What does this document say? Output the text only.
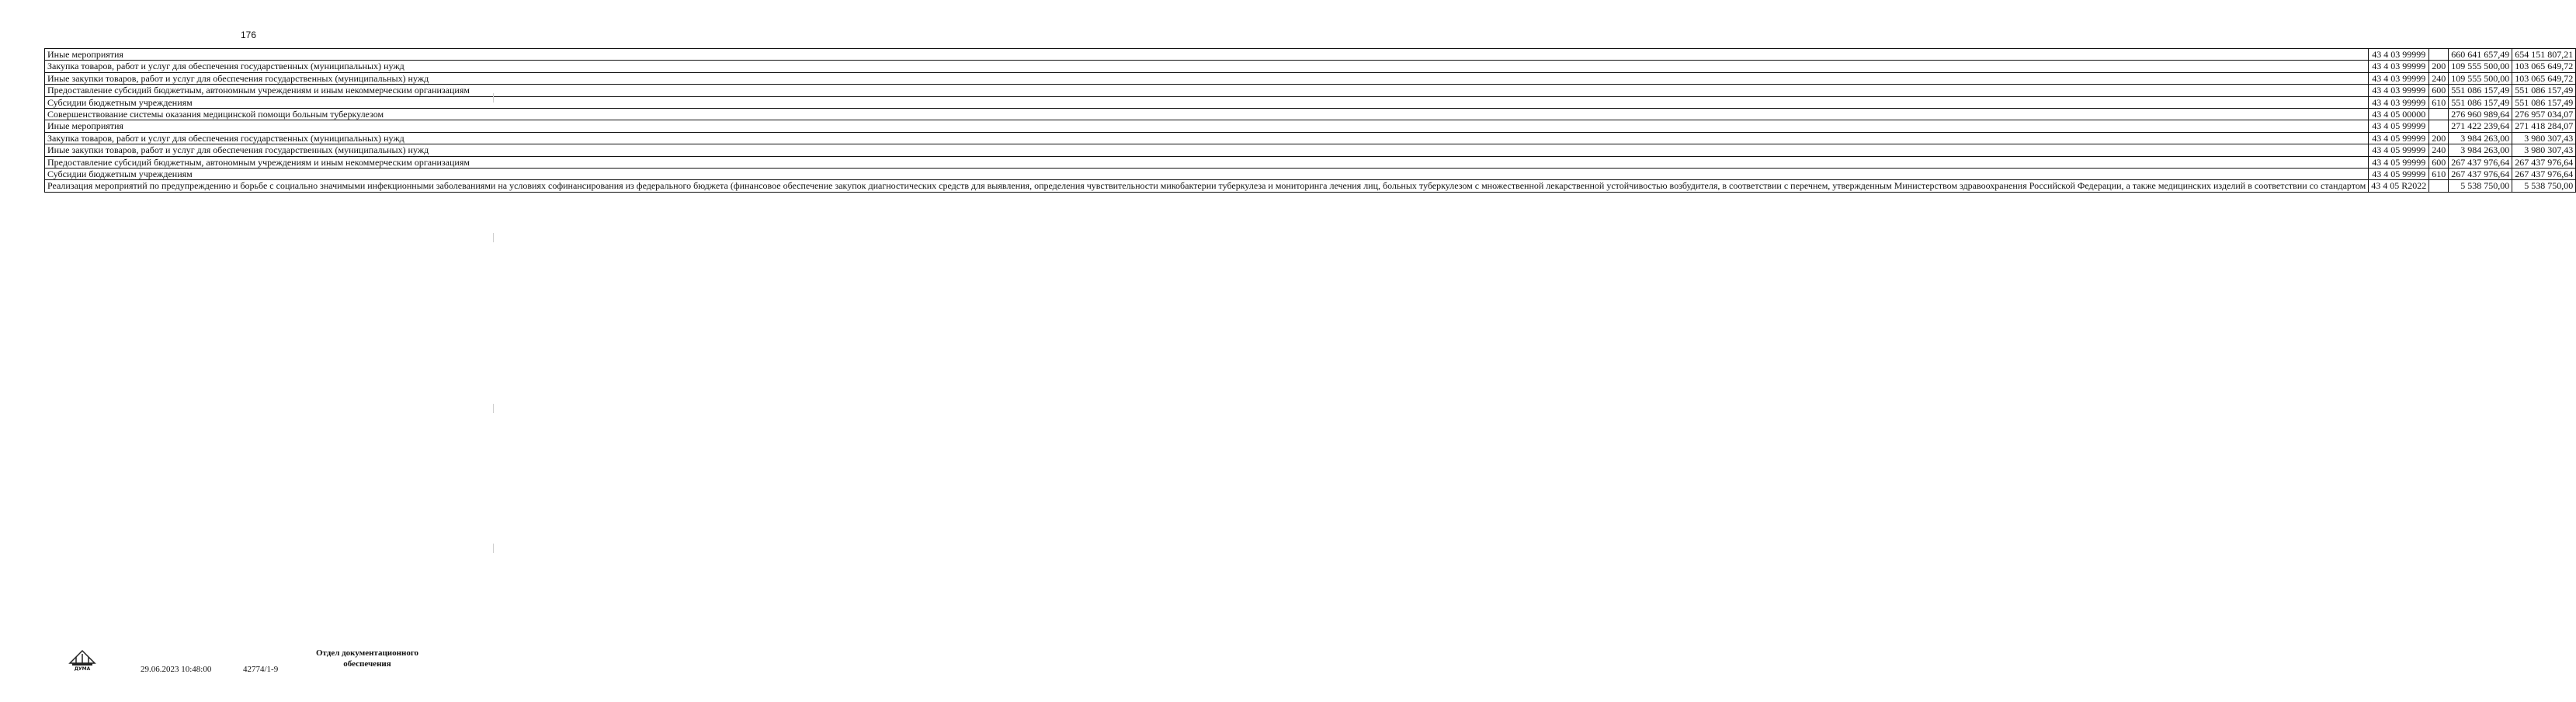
176
Иные мероприятия	43 4 03 99999		660 641 657,49	654 151 807,21
Закупка товаров, работ и услуг для обеспечения государственных (муниципальных) нужд	43 4 03 99999	200	109 555 500,00	103 065 649,72
Иные закупки товаров, работ и услуг для обеспечения государственных (муниципальных) нужд	43 4 03 99999	240	109 555 500,00	103 065 649,72
Предоставление субсидий бюджетным, автономным учреждениям и иным некоммерческим организациям	43 4 03 99999	600	551 086 157,49	551 086 157,49
Субсидии бюджетным учреждениям	43 4 03 99999	610	551 086 157,49	551 086 157,49
Совершенствование системы оказания медицинской помощи больным туберкулезом	43 4 05 00000		276 960 989,64	276 957 034,07
Иные мероприятия	43 4 05 99999		271 422 239,64	271 418 284,07
Закупка товаров, работ и услуг для обеспечения государственных (муниципальных) нужд	43 4 05 99999	200	3 984 263,00	3 980 307,43
Иные закупки товаров, работ и услуг для обеспечения государственных (муниципальных) нужд	43 4 05 99999	240	3 984 263,00	3 980 307,43
Предоставление субсидий бюджетным, автономным учреждениям и иным некоммерческим организациям	43 4 05 99999	600	267 437 976,64	267 437 976,64
Субсидии бюджетным учреждениям	43 4 05 99999	610	267 437 976,64	267 437 976,64
Реализация мероприятий по предупреждению и борьбе с социально значимыми инфекционными заболеваниями на условиях софинансирования из федерального бюджета (финансовое обеспечение закупок диагностических средств для выявления, определения чувствительности микобактерии туберкулеза и мониторинга лечения лиц, больных туберкулезом с множественной лекарственной устойчивостью возбудителя, в соответствии с перечнем, утвержденным Министерством здравоохранения Российской Федерации, а также медицинских изделий в соответствии со стандартом	43 4 05 R2022		5 538 750,00	5 538 750,00
ДУМА	29.06.2023 10:48:00	42774/1-9
Отдел документационного
обеспечения
